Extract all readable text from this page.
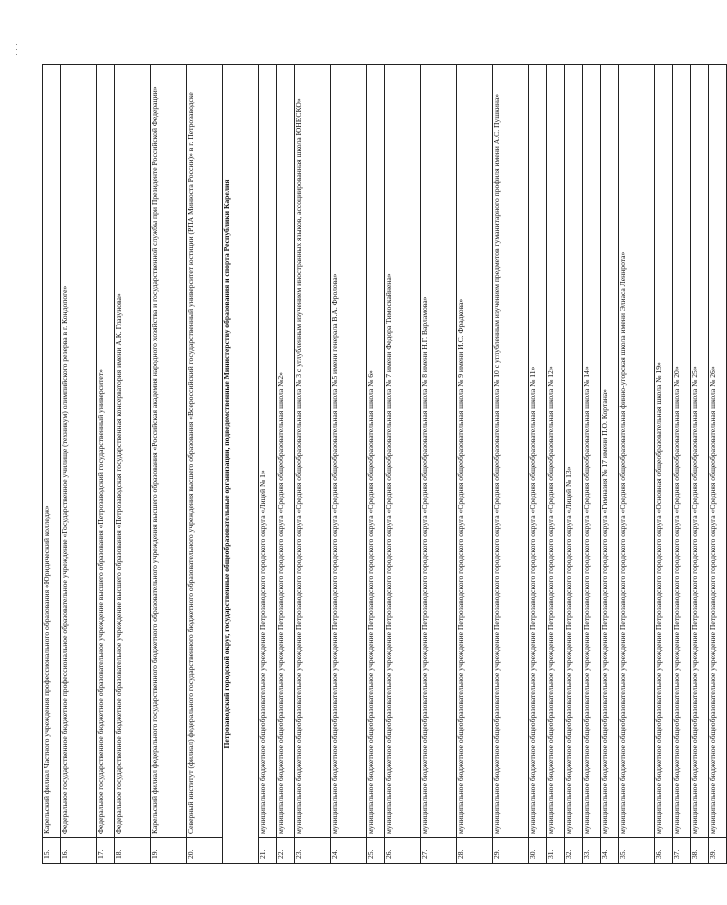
15.	Карельский филиал Частного учреждения профессионального образования «Юридический колледж»
16.	Федеральное государственное бюджетное профессиональное образовательное учреждение «Государственное училище (техникум) олимпийского резерва в г. Кондопоге»
17.	Федеральное государственное бюджетное образовательное учреждение высшего образования «Петрозаводский государственный университет»
18.	Федеральное государственное бюджетное образовательное учреждение высшего образования «Петрозаводская государственная консерватория имени А.К. Глазунова»
19.	Карельский филиал федерального государственного бюджетного образовательного учреждения высшего образования «Российская академия народного хозяйства и государственной службы при Президенте Российской Федерации»
20.	Северный институт (филиал) федерального государственного бюджетного образовательного учреждения высшего образования «Всероссийский государственный университет юстиции (РПА Минюста России)» в г. Петрозаводске
Петрозаводский городской округ, государственные общеобразовательные организации, подведомственные Министерству образования и спорта Республики Карелия	
21.	муниципальное бюджетное общеобразовательное учреждение Петрозаводского городского округа «Лицей № 1»
22.	муниципальное бюджетное общеобразовательное учреждение Петрозаводского городского округа «Средняя общеобразовательная школа №2»
23.	муниципальное бюджетное общеобразовательное учреждение Петрозаводского городского округа «Средняя общеобразовательная школа № 3 с углубленным изучением иностранных языков, ассоциированная школа ЮНЕСКО»
24.	муниципальное бюджетное общеобразовательное учреждение Петрозаводского городского округа «Средняя общеобразовательная школа №5 имени генерала В.А. Фролова»
25.	муниципальное бюджетное общеобразовательное учреждение Петрозаводского городского округа «Средняя общеобразовательная школа № 6»
26.	муниципальное бюджетное общеобразовательное учреждение Петрозаводского городского округа «Средняя общеобразовательная школа № 7 имени Федора Тимоскайнена»
27.	муниципальное бюджетное общеобразовательное учреждение Петрозаводского городского округа «Средняя общеобразовательная школа № 8 имени Н.Г. Варламова»
28.	муниципальное бюджетное общеобразовательное учреждение Петрозаводского городского округа «Средняя общеобразовательная школа № 9 имени И.С. Фрадкова»
29.	муниципальное бюджетное общеобразовательное учреждение Петрозаводского городского округа «Средняя общеобразовательная школа № 10 с углубленным изучением предметов гуманитарного профиля имени А.С. Пушкина»
30.	муниципальное бюджетное общеобразовательное учреждение Петрозаводского городского округа «Средняя общеобразовательная школа № 11»
31.	муниципальное бюджетное общеобразовательное учреждение Петрозаводского городского округа «Средняя общеобразовательная школа № 12»
32.	муниципальное бюджетное общеобразовательное учреждение Петрозаводского городского округа «Лицей № 13»
33.	муниципальное бюджетное общеобразовательное учреждение Петрозаводского городского округа «Средняя общеобразовательная школа № 14»
34.	муниципальное бюджетное общеобразовательное учреждение Петрозаводского городского округа «Гимназия № 17 имени П.О. Кортана»
35.	муниципальное бюджетное общеобразовательное учреждение Петрозаводского городского округа «Средняя общеобразовательная финно-угорская школа имени Элиаса Леннрота»
36.	муниципальное бюджетное общеобразовательное учреждение Петрозаводского городского округа «Основная общеобразовательная школа № 19»
37.	муниципальное бюджетное общеобразовательное учреждение Петрозаводского городского округа «Средняя общеобразовательная школа № 20»
38.	муниципальное бюджетное общеобразовательное учреждение Петрозаводского городского округа «Средняя общеобразовательная школа № 25»
39.	муниципальное бюджетное общеобразовательное учреждение Петрозаводского городского округа «Средняя общеобразовательная школа № 26»
